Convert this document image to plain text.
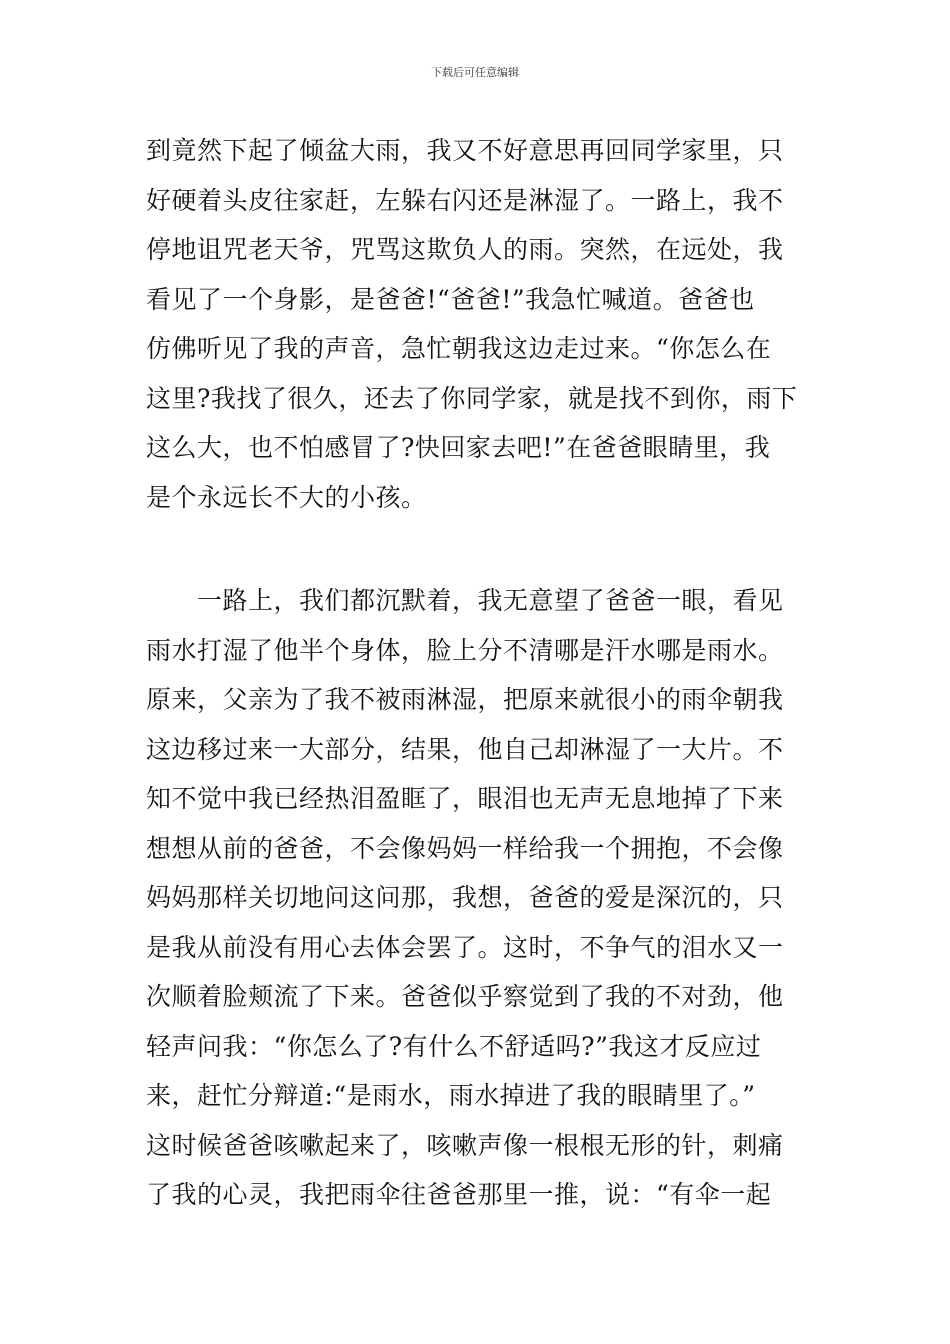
下载后可任意编辑
到竟然下起了倾盆大雨，我又不好意思再回同学家里，只
好硬着头皮往家赶，左躲右闪还是淋湿了。一路上，我不
停地诅咒老天爷，咒骂这欺负人的雨。突然，在远处，我
看见了一个身影，是爸爸!“爸爸!”我急忙喊道。爸爸也
仿佛听见了我的声音，急忙朝我这边走过来。“你怎么在
这里?我找了很久，还去了你同学家，就是找不到你，雨下
这么大，也不怕感冒了?快回家去吧!”在爸爸眼睛里，我
是个永远长不大的小孩。
　　一路上，我们都沉默着，我无意望了爸爸一眼，看见
雨水打湿了他半个身体，脸上分不清哪是汗水哪是雨水。
原来，父亲为了我不被雨淋湿，把原来就很小的雨伞朝我
这边移过来一大部分，结果，他自己却淋湿了一大片。不
知不觉中我已经热泪盈眶了，眼泪也无声无息地掉了下来
想想从前的爸爸，不会像妈妈一样给我一个拥抱，不会像
妈妈那样关切地问这问那，我想，爸爸的爱是深沉的，只
是我从前没有用心去体会罢了。这时，不争气的泪水又一
次顺着脸颊流了下来。爸爸似乎察觉到了我的不对劲，他
轻声问我：“你怎么了?有什么不舒适吗?”我这才反应过
来，赶忙分辩道:“是雨水，雨水掉进了我的眼睛里了。”
这时候爸爸咳嗽起来了，咳嗽声像一根根无形的针，刺痛
了我的心灵，我把雨伞往爸爸那里一推，说：“有伞一起
